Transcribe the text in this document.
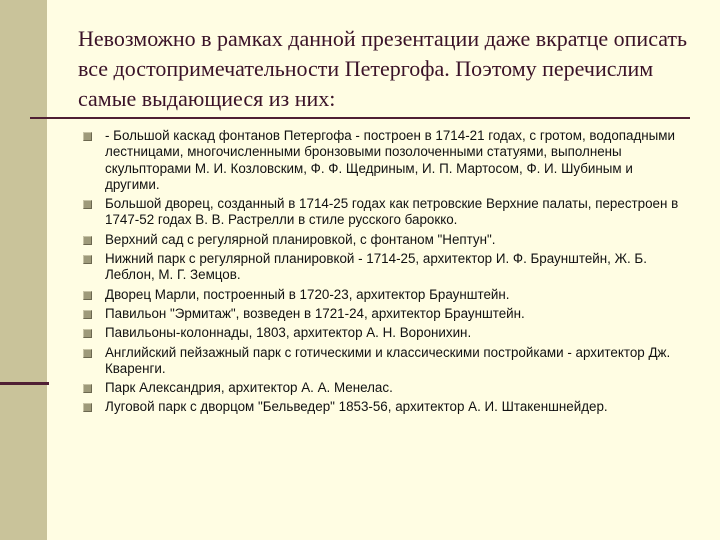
Невозможно в рамках данной презентации даже вкратце описать все достопримечательности Петергофа. Поэтому перечислим самые выдающиеся из них:
- Большой каскад фонтанов Петергофа - построен в 1714-21 годах, с гротом, водопадными лестницами, многочисленными бронзовыми позолоченными статуями, выполнены скульпторами М. И. Козловским, Ф. Ф. Щедриным, И. П. Мартосом, Ф. И. Шубиным и другими.
Большой дворец, созданный в 1714-25 годах как петровские Верхние палаты, перестроен в 1747-52 годах В. В. Растрелли в стиле русского барокко.
Верхний сад с регулярной планировкой, с фонтаном "Нептун".
Нижний парк с регулярной планировкой - 1714-25, архитектор И. Ф. Браунштейн, Ж. Б. Леблон, М. Г. Земцов.
Дворец Марли, построенный в 1720-23, архитектор Браунштейн.
Павильон "Эрмитаж", возведен в 1721-24, архитектор Браунштейн.
Павильоны-колоннады, 1803, архитектор А. Н. Воронихин.
Английский пейзажный парк с готическими и классическими постройками - архитектор Дж. Кваренги.
Парк Александрия, архитектор А. А. Менелас.
Луговой парк с дворцом "Бельведер" 1853-56, архитектор А. И. Штакеншнейдер.
